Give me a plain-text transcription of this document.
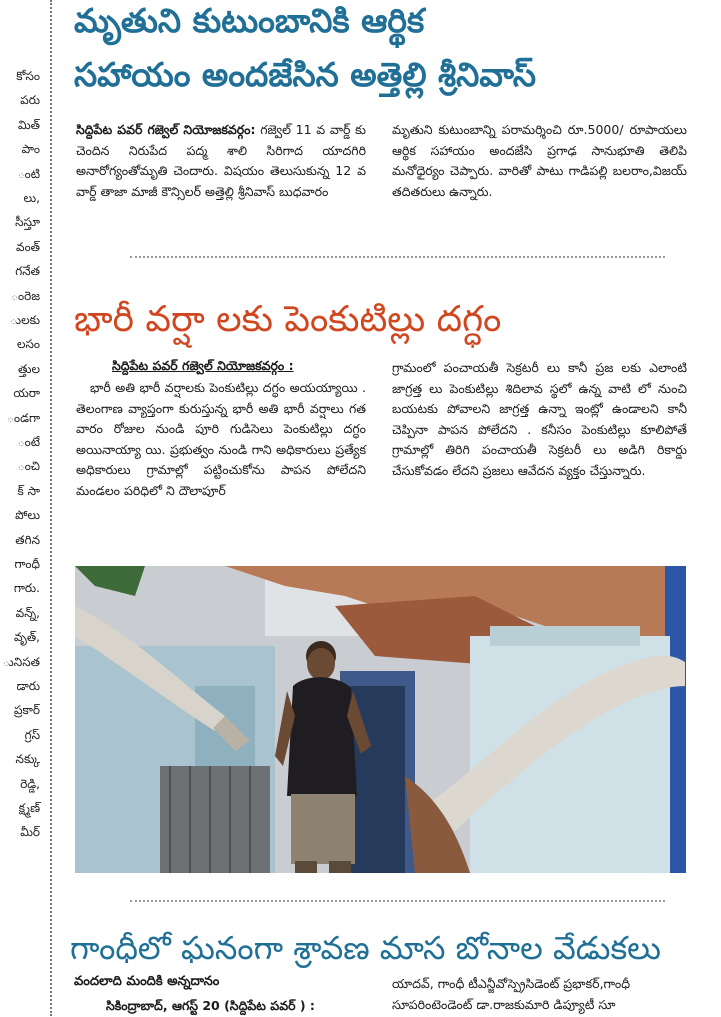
కోసం
పరు
మిత్
పాం
ంటి
లు,
సీస్తూ
వంత్
గనేత
ంరెజ
ులకు
లసం
త్తుల
యరా
ండగా
ంటే
ంచి
క్ సా
పోలు
తగిన
గాంధీ
గారు.
వన్న్,
వృత్,
ునిసత
డారు
ప్రకార్
గ్రస్
నక్కు
రెడ్డి,
క్ష్మణ్
మీర్
మృతుని కుటుంబానికి ఆర్థిక
సహాయం అందజేసిన అత్తెల్లి శ్రీనివాస్

సిద్దిపేట పవర్ గజ్వెల్ నియోజకవర్గం: గజ్వెల్ 11 వ వార్డ్ కు చెందిన నిరుపేద పద్మ శాలి సిరిగాద యాదగిరి అనారోగ్యంతోమృతి చెందారు. విషయం తెలుసుకున్న 12 వ వార్డ్ తాజా మాజీ కౌన్సిలర్ అత్తెల్లి శ్రీనివాస్ బుధవారం

మృతుని కుటుంబాన్ని పరామర్శించి రూ.5000/ రూపాయలు ఆర్థిక సహాయం అందజేసి ప్రగాఢ సానుభూతి తెలిపి మనోధైర్యం చెప్పారు. వారితో పాటు గాడిపల్లి బలరాం,విజయ్ తదితరులు ఉన్నారు.

భారీ వర్షా లకు పెంకుటిల్లు దగ్ధం
సిద్దిపేట పవర్ గజ్వెల్ నియోజకవర్గం :

భారీ అతి భారీ వర్షాలకు పెంకుటిల్లు దగ్ధం అయయ్యాయి . తెలంగాణ వ్యాప్తంగా కురుస్తున్న భారీ అతి భారీ వర్షాలు గత వారం రోజుల నుండి పూరి గుడిసెలు పెంకుటిల్లు దగ్ధం అయినాయ్యా యి. ప్రభుత్వం నుండి గాని అధికారులు ప్రత్యేక అధికారులు గ్రామాల్లో పట్టించుకోను పాపన పోలేదని మండలం పరిధిలో ని దౌలాపూర్

గ్రామంలో పంచాయతీ సెక్రటరీ లు కానీ ప్రజ లకు ఎలాంటి జాగ్రత్త లు పెంకుటిల్లు శిదిలావ స్థలో ఉన్న వాటి లో నుంచి బయటకు పోవాలని జాగ్రత్త ఉన్నా ఇంట్లో ఉండాలని కానీ చెప్పినా పాపన పోలేదని . కనీసం పెంకుటిల్లు కూలిపోతే గ్రామాల్లో తిరిగి పంచాయతీ సెక్రటరీ లు అడిగి రికార్డు చేసుకోవడం లేదని ప్రజలు ఆవేదన వ్యక్తం చేస్తున్నారు.

గాంధీలో ఘనంగా శ్రావణ మాస బోనాల వేడుకలు
వందలాది మందికి అన్నదానం
సికింద్రాబాద్, ఆగస్ట్ 20 (సిద్దిపేట పవర్ ) :

యాదవ్, గాంధీ టీఎన్జీవోస్ప్రెసిడెంట్ ప్రభాకర్,గాంధీ సూపరింటెండెంట్ డా.రాజకుమారి డిప్యూటీ సూ
